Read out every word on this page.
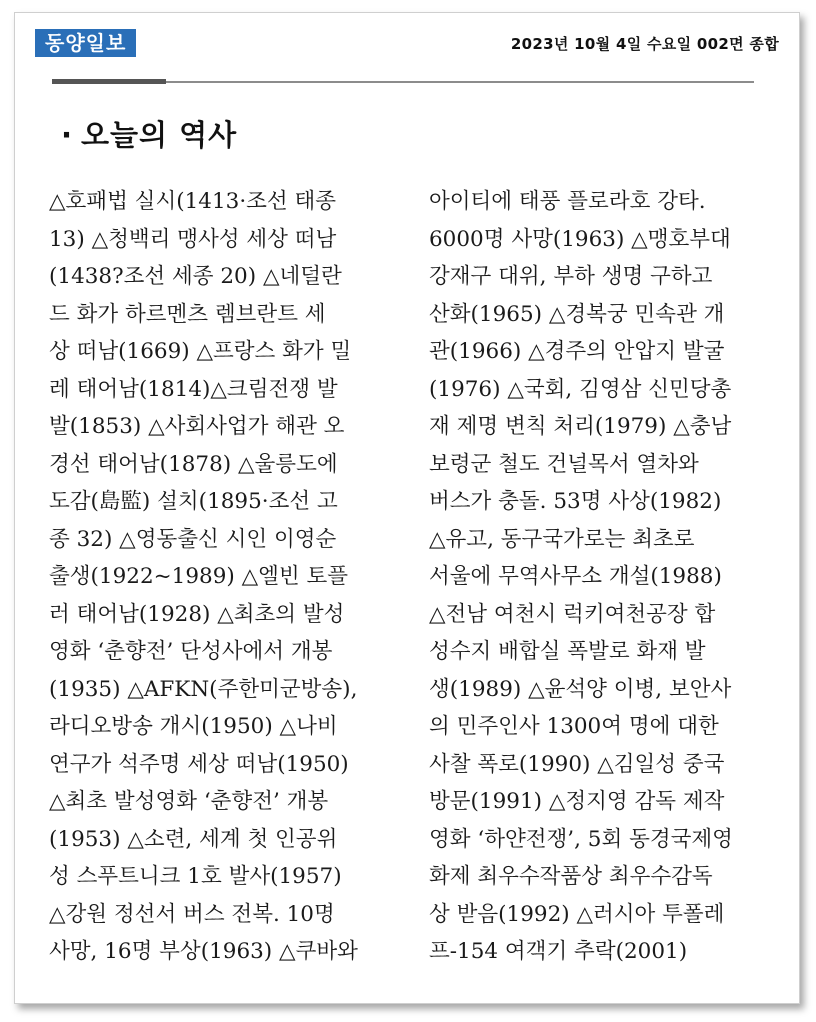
동양일보	2023년 10월 4일 수요일 002면 종합
· 오늘의 역사
△호패법 실시(1413·조선 태종
13) △청백리 맹사성 세상 떠남
(1438?조선 세종 20) △네덜란
드 화가 하르멘츠 렘브란트 세
상 떠남(1669) △프랑스 화가 밀
레 태어남(1814)△크림전쟁 발
발(1853) △사회사업가 해관 오
경선 태어남(1878) △울릉도에
도감(島監) 설치(1895·조선 고
종 32) △영동출신 시인 이영순
출생(1922~1989) △엘빈 토플
러 태어남(1928) △최초의 발성
영화 ‘춘향전’ 단성사에서 개봉
(1935) △AFKN(주한미군방송),
라디오방송 개시(1950) △나비
연구가 석주명 세상 떠남(1950)
△최초 발성영화 ‘춘향전’ 개봉
(1953) △소련, 세계 첫 인공위
성 스푸트니크 1호 발사(1957)
△강원 정선서 버스 전복. 10명
사망, 16명 부상(1963) △쿠바와
아이티에 태풍 플로라호 강타.
6000명 사망(1963) △맹호부대
강재구 대위, 부하 생명 구하고
산화(1965) △경복궁 민속관 개
관(1966) △경주의 안압지 발굴
(1976) △국회, 김영삼 신민당총
재 제명 변칙 처리(1979) △충남
보령군 철도 건널목서 열차와
버스가 충돌. 53명 사상(1982)
△유고, 동구국가로는 최초로
서울에 무역사무소 개설(1988)
△전남 여천시 럭키여천공장 합
성수지 배합실 폭발로 화재 발
생(1989) △윤석양 이병, 보안사
의 민주인사 1300여 명에 대한
사찰 폭로(1990) △김일성 중국
방문(1991) △정지영 감독 제작
영화 ‘하얀전쟁’, 5회 동경국제영
화제 최우수작품상 최우수감독
상 받음(1992) △러시아 투폴레
프-154 여객기 추락(2001)
